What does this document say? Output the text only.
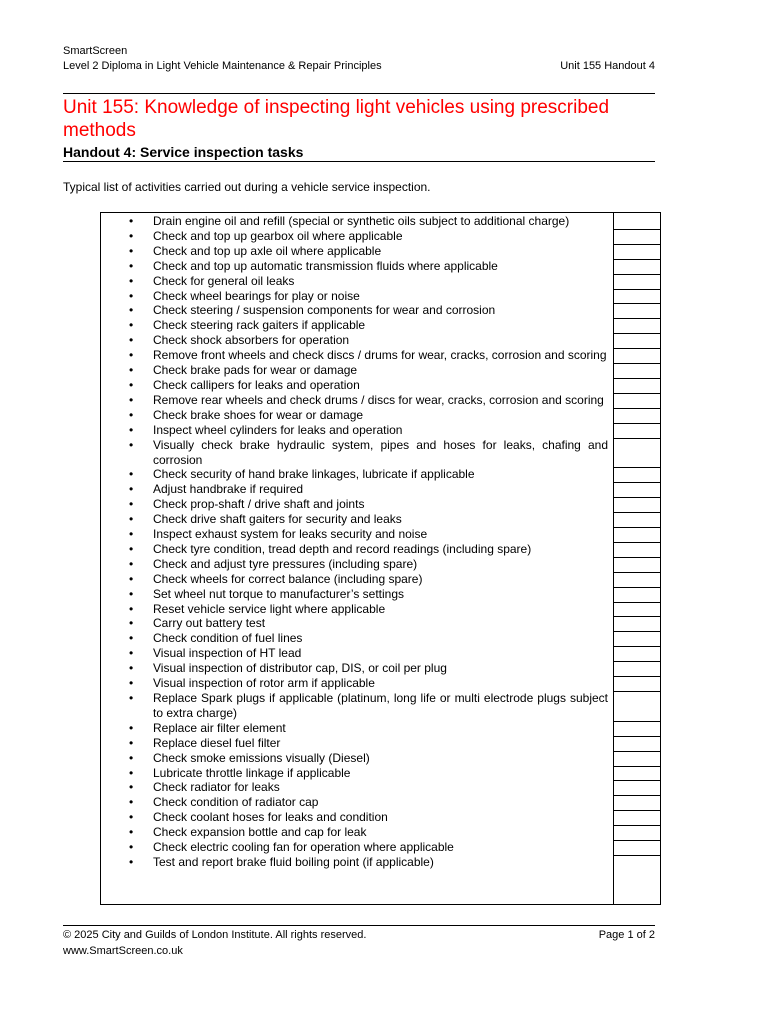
SmartScreen
Level 2 Diploma in Light Vehicle Maintenance & Repair Principles	Unit 155 Handout 4
Unit 155: Knowledge of inspecting light vehicles using prescribed methods
Handout 4: Service inspection tasks
Typical list of activities carried out during a vehicle service inspection.
• Drain engine oil and refill (special or synthetic oils subject to additional charge)
• Check and top up gearbox oil where applicable
• Check and top up axle oil where applicable
• Check and top up automatic transmission fluids where applicable
• Check for general oil leaks
• Check wheel bearings for play or noise
• Check steering / suspension components for wear and corrosion
• Check steering rack gaiters if applicable
• Check shock absorbers for operation
• Remove front wheels and check discs / drums for wear, cracks, corrosion and scoring
• Check brake pads for wear or damage
• Check callipers for leaks and operation
• Remove rear wheels and check drums / discs for wear, cracks, corrosion and scoring
• Check brake shoes for wear or damage
• Inspect wheel cylinders for leaks and operation
• Visually check brake hydraulic system, pipes and hoses for leaks, chafing and corrosion
• Check security of hand brake linkages, lubricate if applicable
• Adjust handbrake if required
• Check prop-shaft / drive shaft and joints
• Check drive shaft gaiters for security and leaks
• Inspect exhaust system for leaks security and noise
• Check tyre condition, tread depth and record readings (including spare)
• Check and adjust tyre pressures (including spare)
• Check wheels for correct balance (including spare)
• Set wheel nut torque to manufacturer’s settings
• Reset vehicle service light where applicable
• Carry out battery test
• Check condition of fuel lines
• Visual inspection of HT lead
• Visual inspection of distributor cap, DIS, or coil per plug
• Visual inspection of rotor arm if applicable
• Replace Spark plugs if applicable (platinum, long life or multi electrode plugs subject to extra charge)
• Replace air filter element
• Replace diesel fuel filter
• Check smoke emissions visually (Diesel)
• Lubricate throttle linkage if applicable
• Check radiator for leaks
• Check condition of radiator cap
• Check coolant hoses for leaks and condition
• Check expansion bottle and cap for leak
• Check electric cooling fan for operation where applicable
• Test and report brake fluid boiling point (if applicable)
© 2025 City and Guilds of London Institute. All rights reserved.	Page 1 of 2
www.SmartScreen.co.uk
